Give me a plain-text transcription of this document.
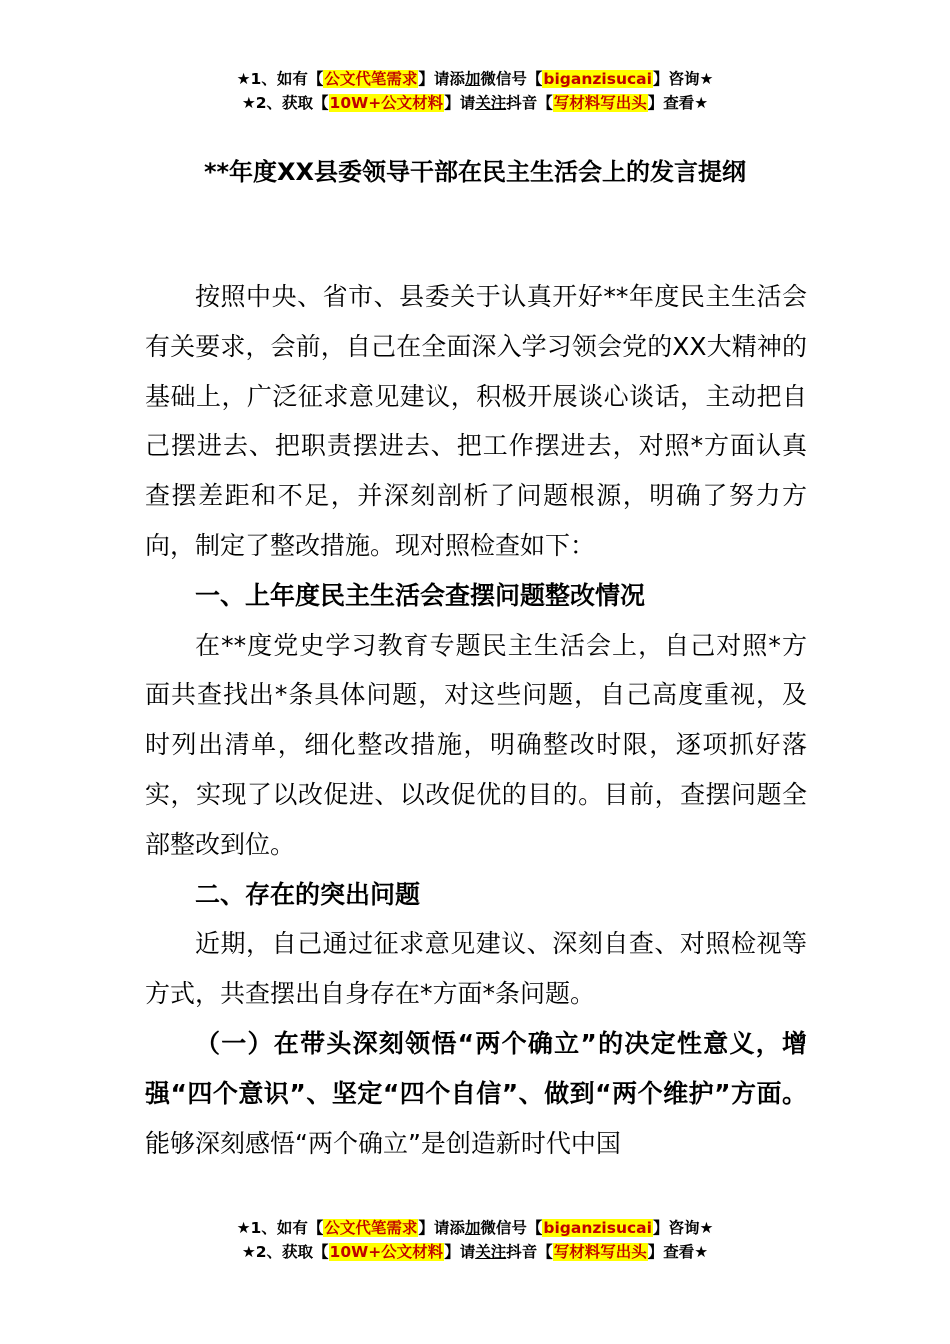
★1、如有【公文代笔需求】请添加微信号【biganzisucai】咨询★
★2、获取【10W+公文材料】请关注抖音【写材料写出头】查看★
**年度XX县委领导干部在民主生活会上的发言提纲

按照中央、省市、县委关于认真开好**年度民主生活会有关要求，会前，自己在全面深入学习领会党的XX大精神的基础上，广泛征求意见建议，积极开展谈心谈话，主动把自己摆进去、把职责摆进去、把工作摆进去，对照*方面认真查摆差距和不足，并深刻剖析了问题根源，明确了努力方向，制定了整改措施。现对照检查如下：

一、上年度民主生活会查摆问题整改情况

在**度党史学习教育专题民主生活会上，自己对照*方面共查找出*条具体问题，对这些问题，自己高度重视，及时列出清单，细化整改措施，明确整改时限，逐项抓好落实，实现了以改促进、以改促优的目的。目前，查摆问题全部整改到位。

二、存在的突出问题

近期，自己通过征求意见建议、深刻自查、对照检视等方式，共查摆出自身存在*方面*条问题。

（一）在带头深刻领悟“两个确立”的决定性意义，增强“四个意识”、坚定“四个自信”、做到“两个维护”方面。能够深刻感悟“两个确立”是创造新时代中国

★1、如有【公文代笔需求】请添加微信号【biganzisucai】咨询★
★2、获取【10W+公文材料】请关注抖音【写材料写出头】查看★
